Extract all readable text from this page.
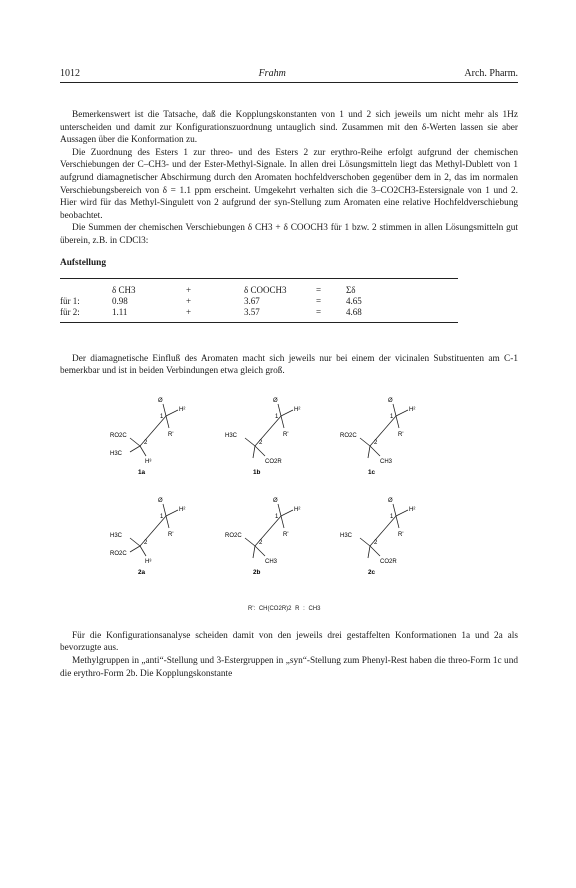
1012	Frahm	Arch. Pharm.

Bemerkenswert ist die Tatsache, daß die Kopplungskonstanten von 1 und 2 sich jeweils um nicht mehr als 1Hz unterscheiden und damit zur Konfigurationszuordnung untauglich sind. Zusammen mit den δ-Werten lassen sie aber Aussagen über die Konformation zu.

Die Zuordnung des Esters 1 zur threo- und des Esters 2 zur erythro-Reihe erfolgt aufgrund der chemischen Verschiebungen der C–CH3- und der Ester-Methyl-Signale. In allen drei Lösungsmitteln liegt das Methyl-Dublett von 1 aufgrund diamagnetischer Abschirmung durch den Aromaten hochfeldverschoben gegenüber dem in 2, das im normalen Verschiebungsbereich von δ = 1.1 ppm erscheint. Umgekehrt verhalten sich die 3–CO2CH3-Estersignale von 1 und 2. Hier wird für das Methyl-Singulett von 2 aufgrund der syn-Stellung zum Aromaten eine relative Hochfeldverschiebung beobachtet.

Die Summen der chemischen Verschiebungen δ CH3 + δ COOCH3 für 1 bzw. 2 stimmen in allen Lösungsmitteln gut überein, z.B. in CDCl3:

Aufstellung
	δ CH3	+	δ COOCH3	=	Σδ
für 1:	0.98	+	3.67	=	4.65
für 2:	1.11	+	3.57	=	4.68

Der diamagnetische Einfluß des Aromaten macht sich jeweils nur bei einem der vicinalen Substituenten am C-1 bemerkbar und ist in beiden Verbindungen etwa gleich groß.

Ø
H²
R'
1
RO2C
H3C
H³
2
1a
Ø
H²
R'
1
H3C
CO2R
2
1b
Ø
H²
R'
1
RO2C
CH3
2
1c
Ø
H²
R'
1
H3C
RO2C
H³
2
2a
Ø
H²
R'
1
RO2C
CH3
2
2b
Ø
H²
R'
1
H3C
CO2R
2
2c
R': CH(CO2R)2 R : CH3

Für die Konfigurationsanalyse scheiden damit von den jeweils drei gestaffelten Konformationen 1a und 2a als bevorzugte aus.

Methylgruppen in „anti“-Stellung und 3-Estergruppen in „syn“-Stellung zum Phenyl-Rest haben die threo-Form 1c und die erythro-Form 2b. Die Kopplungskonstante
